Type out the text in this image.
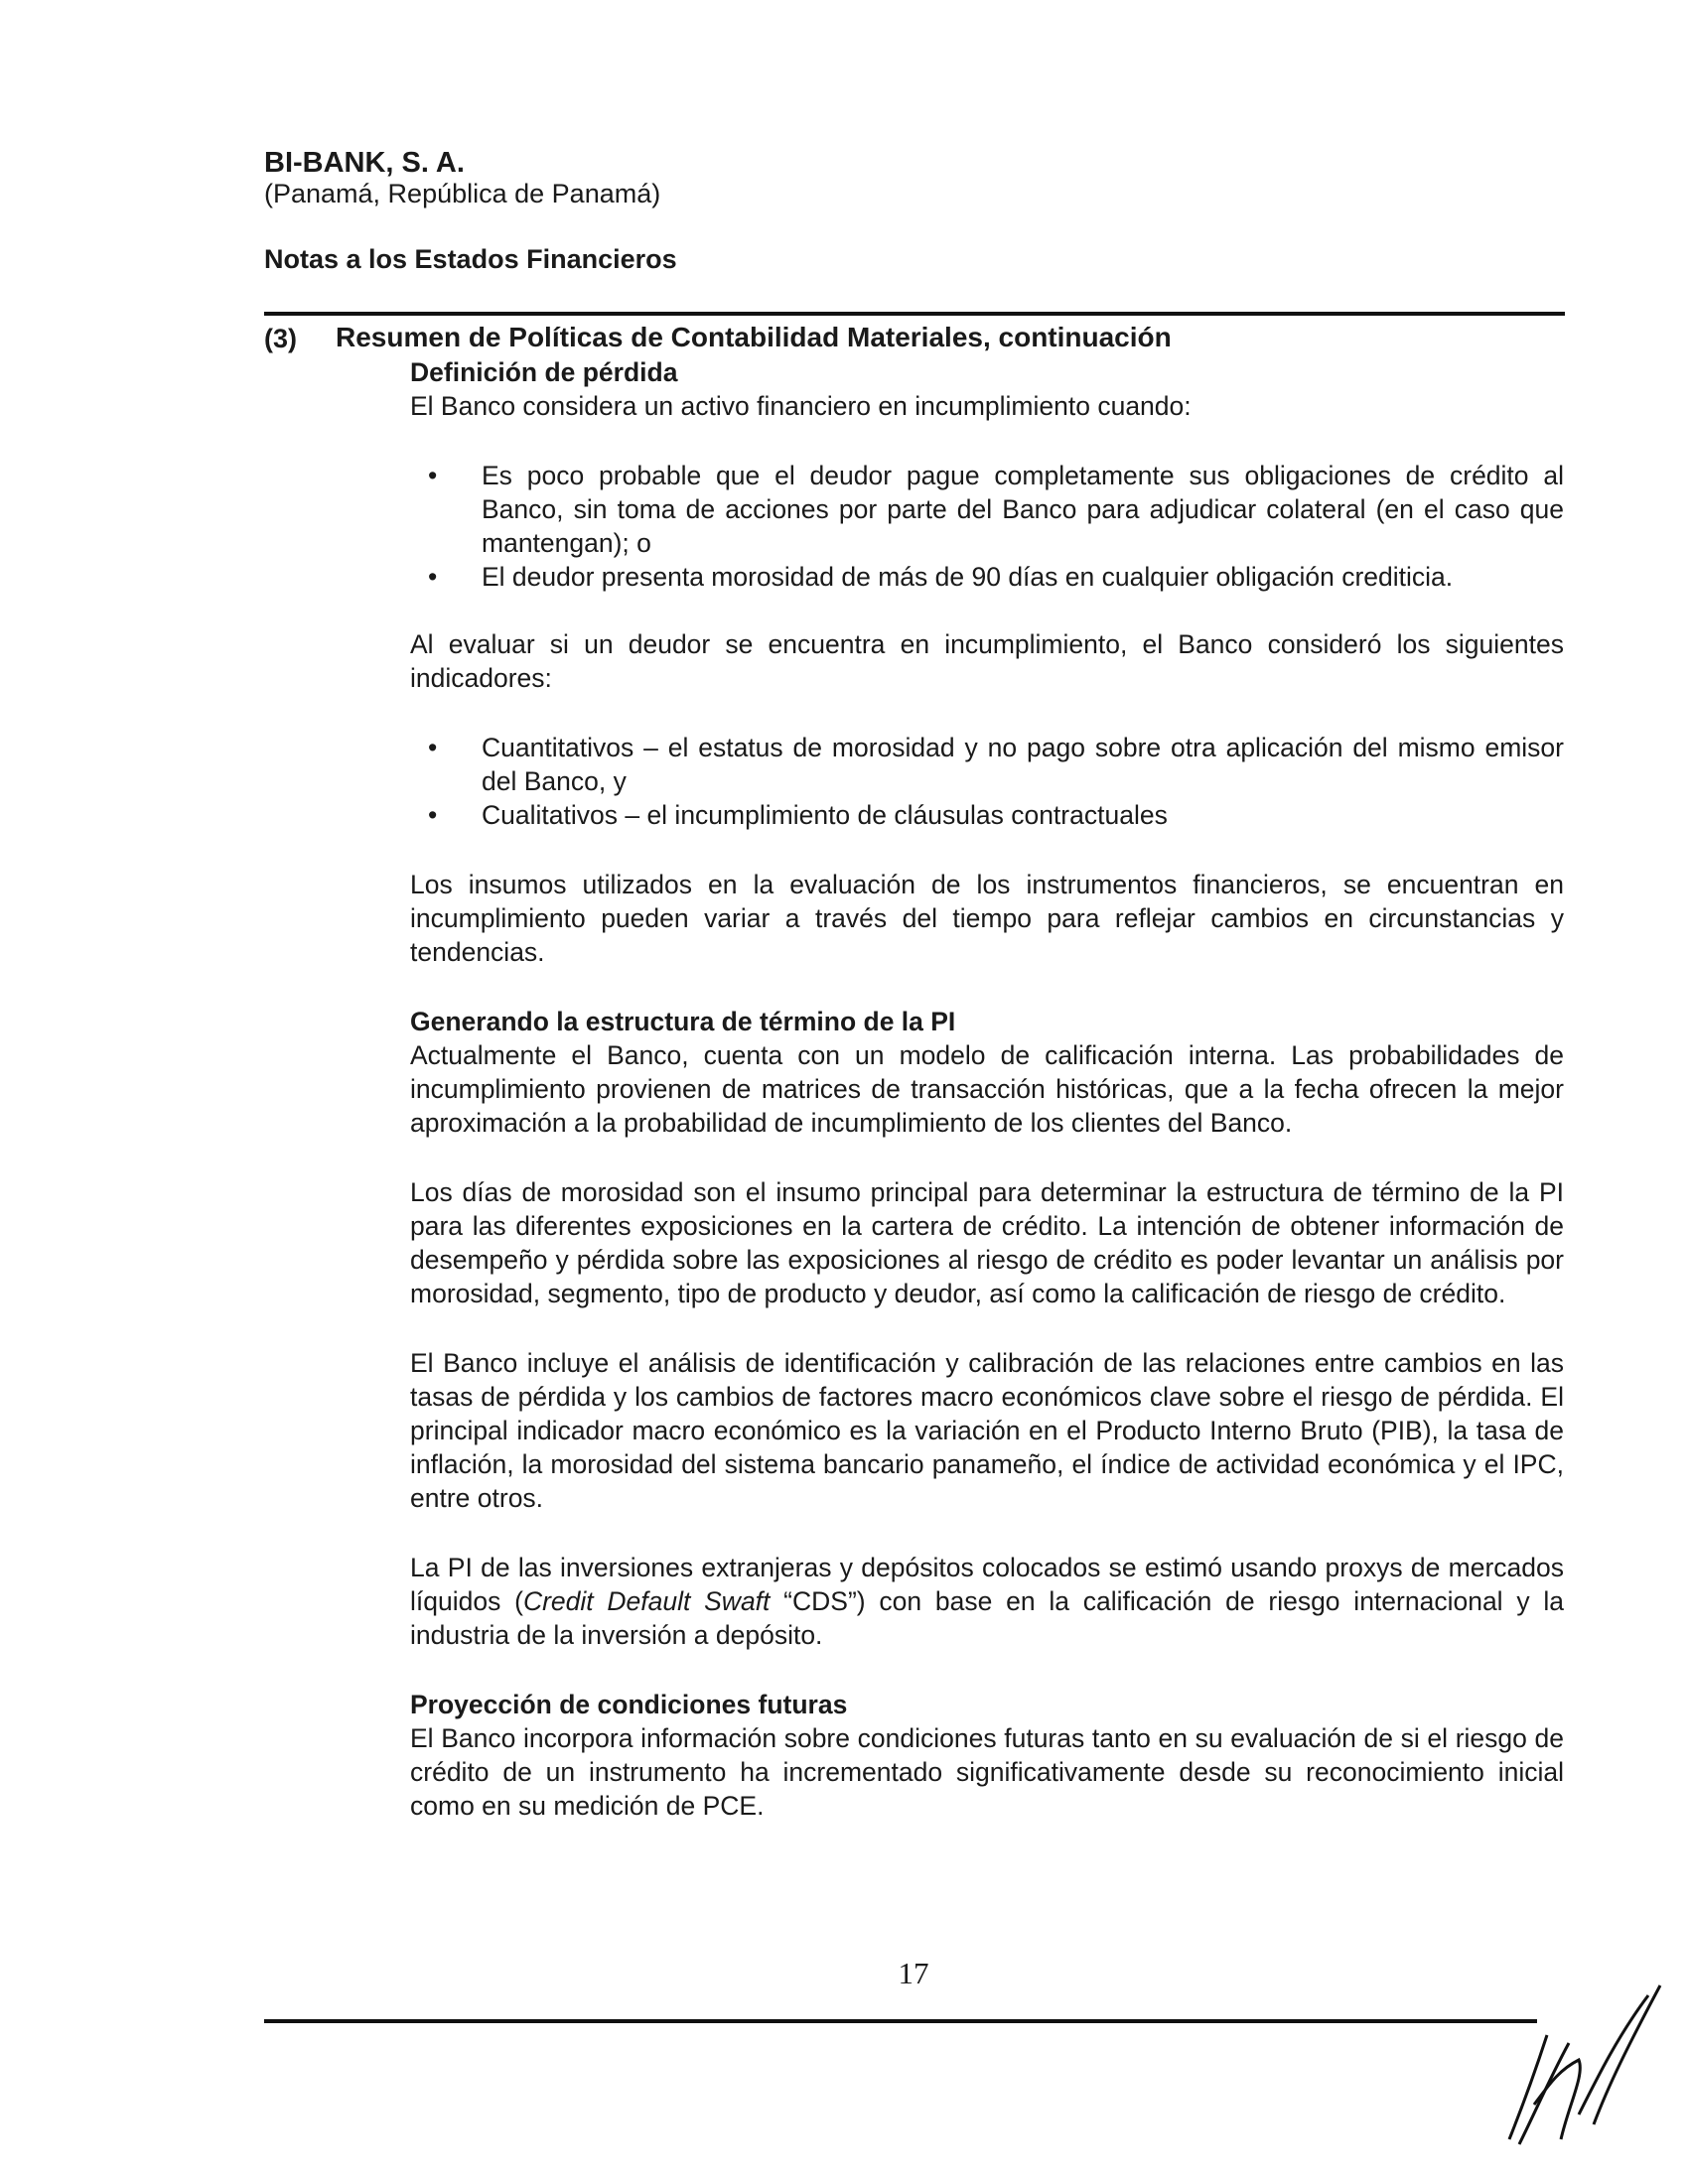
BI-BANK, S. A.
(Panamá, República de Panamá)
Notas a los Estados Financieros
(3) Resumen de Políticas de Contabilidad Materiales, continuación

Definición de pérdida

El Banco considera un activo financiero en incumplimiento cuando:

• Es poco probable que el deudor pague completamente sus obligaciones de crédito al Banco, sin toma de acciones por parte del Banco para adjudicar colateral (en el caso que mantengan); o
• El deudor presenta morosidad de más de 90 días en cualquier obligación crediticia.

Al evaluar si un deudor se encuentra en incumplimiento, el Banco consideró los siguientes indicadores:

• Cuantitativos – el estatus de morosidad y no pago sobre otra aplicación del mismo emisor del Banco, y
• Cualitativos – el incumplimiento de cláusulas contractuales

Los insumos utilizados en la evaluación de los instrumentos financieros, se encuentran en incumplimiento pueden variar a través del tiempo para reflejar cambios en circunstancias y tendencias.

Generando la estructura de término de la PI

Actualmente el Banco, cuenta con un modelo de calificación interna. Las probabilidades de incumplimiento provienen de matrices de transacción históricas, que a la fecha ofrecen la mejor aproximación a la probabilidad de incumplimiento de los clientes del Banco.

Los días de morosidad son el insumo principal para determinar la estructura de término de la PI para las diferentes exposiciones en la cartera de crédito. La intención de obtener información de desempeño y pérdida sobre las exposiciones al riesgo de crédito es poder levantar un análisis por morosidad, segmento, tipo de producto y deudor, así como la calificación de riesgo de crédito.

El Banco incluye el análisis de identificación y calibración de las relaciones entre cambios en las tasas de pérdida y los cambios de factores macro económicos clave sobre el riesgo de pérdida. El principal indicador macro económico es la variación en el Producto Interno Bruto (PIB), la tasa de inflación, la morosidad del sistema bancario panameño, el índice de actividad económica y el IPC, entre otros.

La PI de las inversiones extranjeras y depósitos colocados se estimó usando proxys de mercados líquidos (Credit Default Swaft “CDS”) con base en la calificación de riesgo internacional y la industria de la inversión a depósito.

Proyección de condiciones futuras

El Banco incorpora información sobre condiciones futuras tanto en su evaluación de si el riesgo de crédito de un instrumento ha incrementado significativamente desde su reconocimiento inicial como en su medición de PCE.

17
